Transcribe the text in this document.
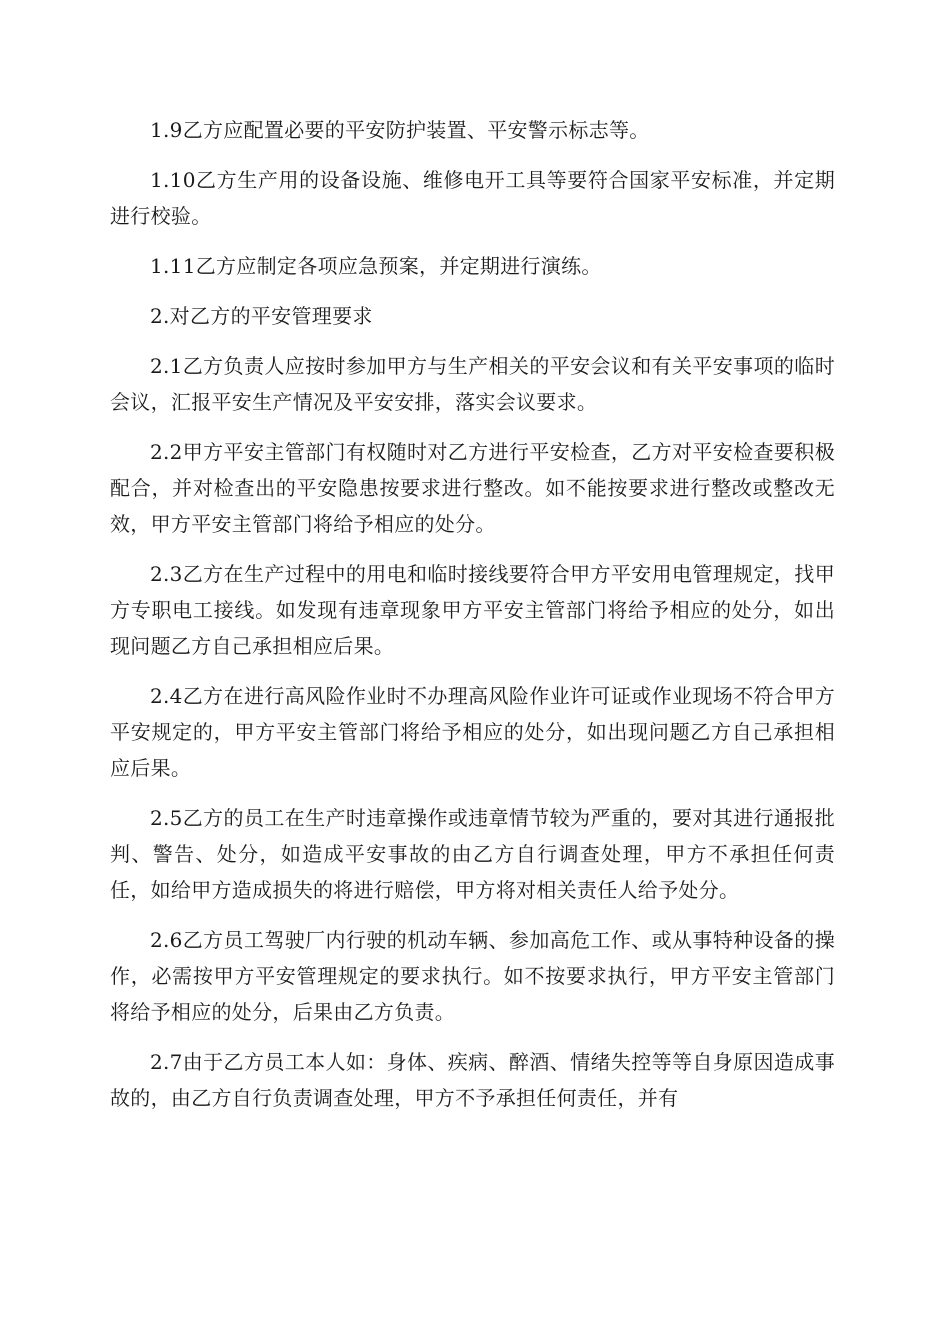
1.9乙方应配置必要的平安防护装置、平安警示标志等。

1.10乙方生产用的设备设施、维修电开工具等要符合国家平安标准，并定期进行校验。

1.11乙方应制定各项应急预案，并定期进行演练。

2.对乙方的平安管理要求

2.1乙方负责人应按时参加甲方与生产相关的平安会议和有关平安事项的临时会议，汇报平安生产情况及平安安排，落实会议要求。

2.2甲方平安主管部门有权随时对乙方进行平安检查，乙方对平安检查要积极配合，并对检查出的平安隐患按要求进行整改。如不能按要求进行整改或整改无效，甲方平安主管部门将给予相应的处分。

2.3乙方在生产过程中的用电和临时接线要符合甲方平安用电管理规定，找甲方专职电工接线。如发现有违章现象甲方平安主管部门将给予相应的处分，如出现问题乙方自己承担相应后果。

2.4乙方在进行高风险作业时不办理高风险作业许可证或作业现场不符合甲方平安规定的，甲方平安主管部门将给予相应的处分，如出现问题乙方自己承担相应后果。

2.5乙方的员工在生产时违章操作或违章情节较为严重的，要对其进行通报批判、警告、处分，如造成平安事故的由乙方自行调查处理，甲方不承担任何责任，如给甲方造成损失的将进行赔偿，甲方将对相关责任人给予处分。

2.6乙方员工驾驶厂内行驶的机动车辆、参加高危工作、或从事特种设备的操作，必需按甲方平安管理规定的要求执行。如不按要求执行，甲方平安主管部门将给予相应的处分，后果由乙方负责。

2.7由于乙方员工本人如：身体、疾病、醉酒、情绪失控等等自身原因造成事故的，由乙方自行负责调查处理，甲方不予承担任何责任，并有
